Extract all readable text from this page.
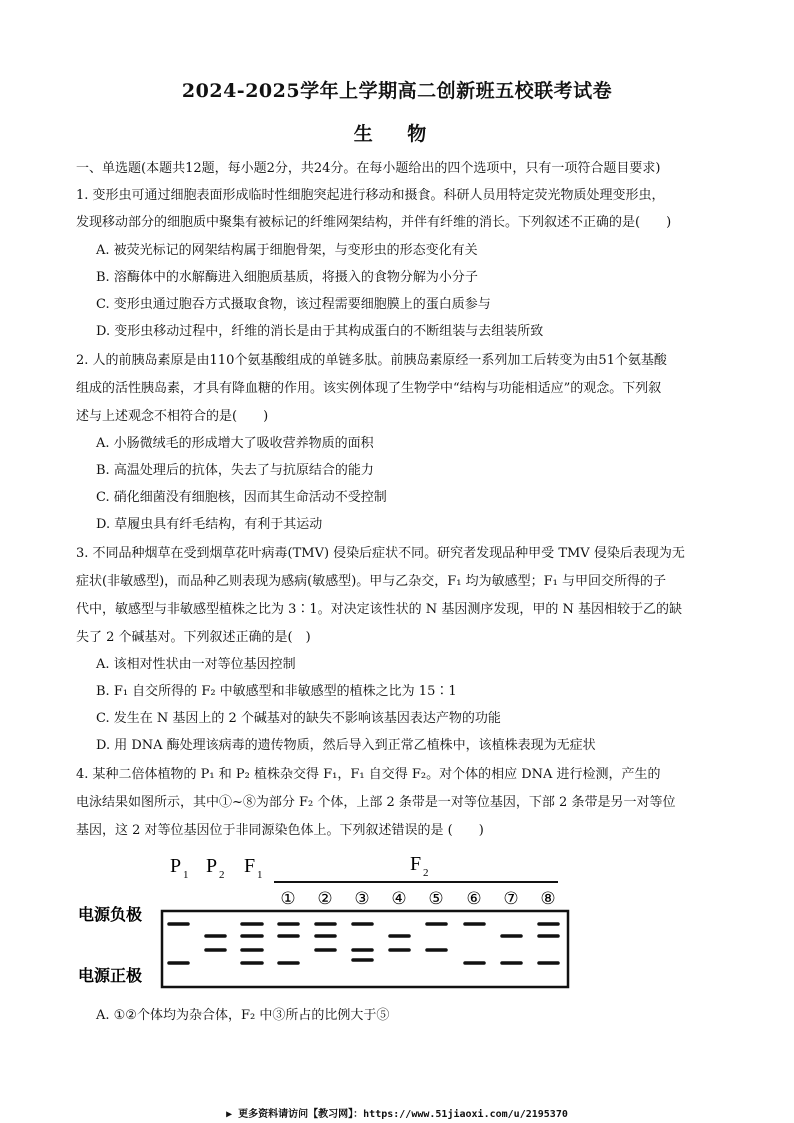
2024-2025学年上学期高二创新班五校联考试卷
生 物
一、单选题(本题共12题，每小题2分，共24分。在每小题给出的四个选项中，只有一项符合题目要求)
1. 变形虫可通过细胞表面形成临时性细胞突起进行移动和摄食。科研人员用特定荧光物质处理变形虫，
发现移动部分的细胞质中聚集有被标记的纤维网架结构，并伴有纤维的消长。下列叙述不正确的是(　　)
A. 被荧光标记的网架结构属于细胞骨架，与变形虫的形态变化有关
B. 溶酶体中的水解酶进入细胞质基质，将摄入的食物分解为小分子
C. 变形虫通过胞吞方式摄取食物，该过程需要细胞膜上的蛋白质参与
D. 变形虫移动过程中，纤维的消长是由于其构成蛋白的不断组装与去组装所致
2. 人的前胰岛素原是由110个氨基酸组成的单链多肽。前胰岛素原经一系列加工后转变为由51个氨基酸
组成的活性胰岛素，才具有降血糖的作用。该实例体现了生物学中“结构与功能相适应”的观念。下列叙
述与上述观念不相符合的是(　　)
A. 小肠微绒毛的形成增大了吸收营养物质的面积
B. 高温处理后的抗体，失去了与抗原结合的能力
C. 硝化细菌没有细胞核，因而其生命活动不受控制
D. 草履虫具有纤毛结构，有利于其运动
3. 不同品种烟草在受到烟草花叶病毒(TMV) 侵染后症状不同。研究者发现品种甲受 TMV 侵染后表现为无
症状(非敏感型)，而品种乙则表现为感病(敏感型)。甲与乙杂交，F₁ 均为敏感型；F₁ 与甲回交所得的子
代中，敏感型与非敏感型植株之比为 3∶1。对决定该性状的 N 基因测序发现，甲的 N 基因相较于乙的缺
失了 2 个碱基对。下列叙述正确的是(　)
A. 该相对性状由一对等位基因控制
B. F₁ 自交所得的 F₂ 中敏感型和非敏感型的植株之比为 15∶1
C. 发生在 N 基因上的 2 个碱基对的缺失不影响该基因表达产物的功能
D. 用 DNA 酶处理该病毒的遗传物质，然后导入到正常乙植株中，该植株表现为无症状
4. 某种二倍体植物的 P₁ 和 P₂ 植株杂交得 F₁，F₁ 自交得 F₂。对个体的相应 DNA 进行检测，产生的
电泳结果如图所示，其中①~⑧为部分 F₂ 个体，上部 2 条带是一对等位基因，下部 2 条带是另一对等位
基因，这 2 对等位基因位于非同源染色体上。下列叙述错误的是 (　　)
P 1 P 2 F 1	F 2
① ② ③ ④ ⑤ ⑥ ⑦ ⑧
电源负极
电源正极
A. ①②个体均为杂合体，F₂ 中③所占的比例大于⑤
▶ 更多资料请访问【教习网】：https://www.51jiaoxi.com/u/2195370
